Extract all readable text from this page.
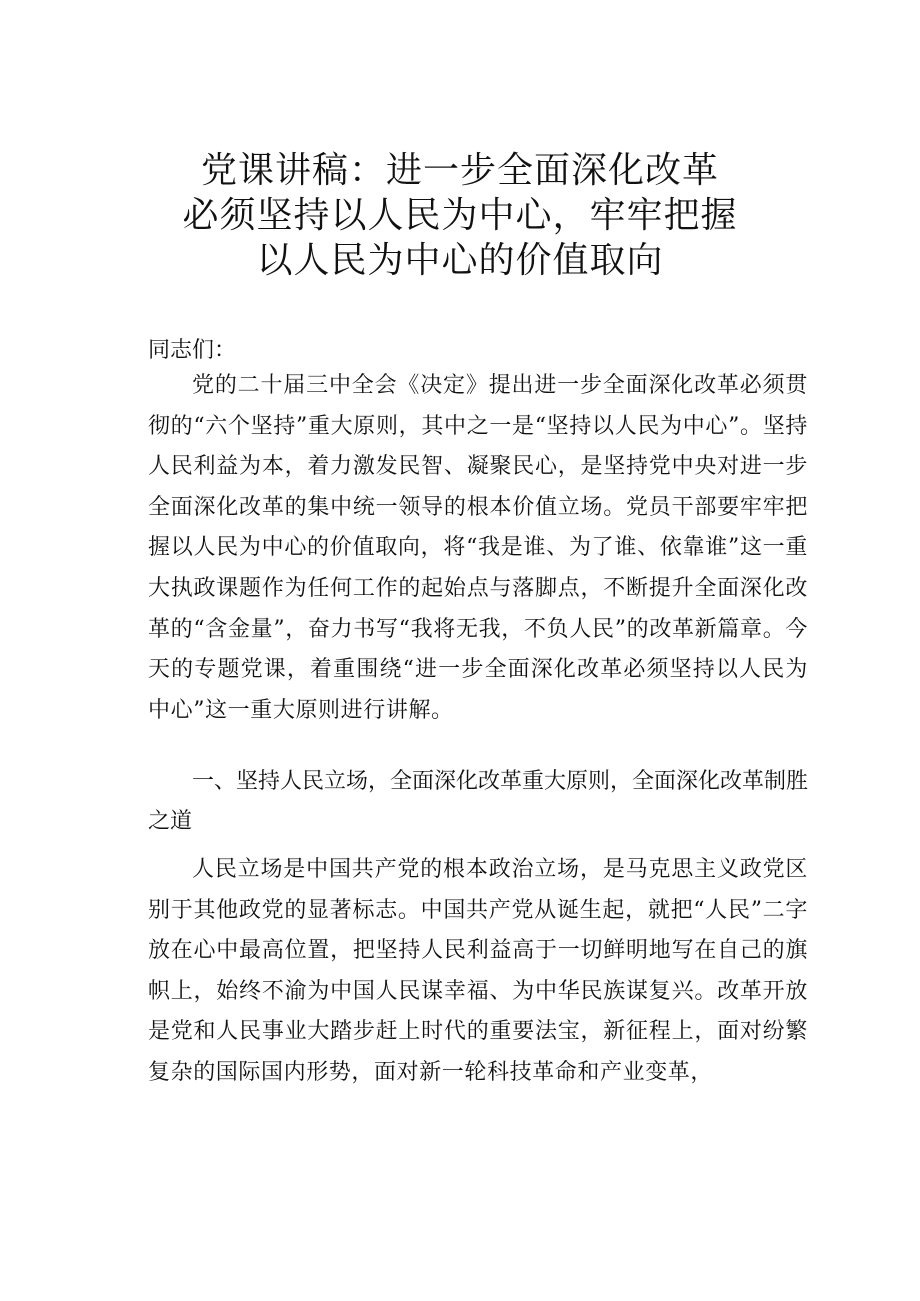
党课讲稿：进一步全面深化改革
必须坚持以人民为中心，牢牢把握
以人民为中心的价值取向
同志们：
党的二十届三中全会《决定》提出进一步全面深化改革必须贯彻的“六个坚持”重大原则，其中之一是“坚持以人民为中心”。坚持人民利益为本，着力激发民智、凝聚民心，是坚持党中央对进一步全面深化改革的集中统一领导的根本价值立场。党员干部要牢牢把握以人民为中心的价值取向，将“我是谁、为了谁、依靠谁”这一重大执政课题作为任何工作的起始点与落脚点，不断提升全面深化改革的“含金量”，奋力书写“我将无我，不负人民”的改革新篇章。今天的专题党课，着重围绕“进一步全面深化改革必须坚持以人民为中心”这一重大原则进行讲解。
一、坚持人民立场，全面深化改革重大原则，全面深化改革制胜之道
人民立场是中国共产党的根本政治立场，是马克思主义政党区别于其他政党的显著标志。中国共产党从诞生起，就把“人民”二字放在心中最高位置，把坚持人民利益高于一切鲜明地写在自己的旗帜上，始终不渝为中国人民谋幸福、为中华民族谋复兴。改革开放是党和人民事业大踏步赶上时代的重要法宝，新征程上，面对纷繁复杂的国际国内形势，面对新一轮科技革命和产业变革，
